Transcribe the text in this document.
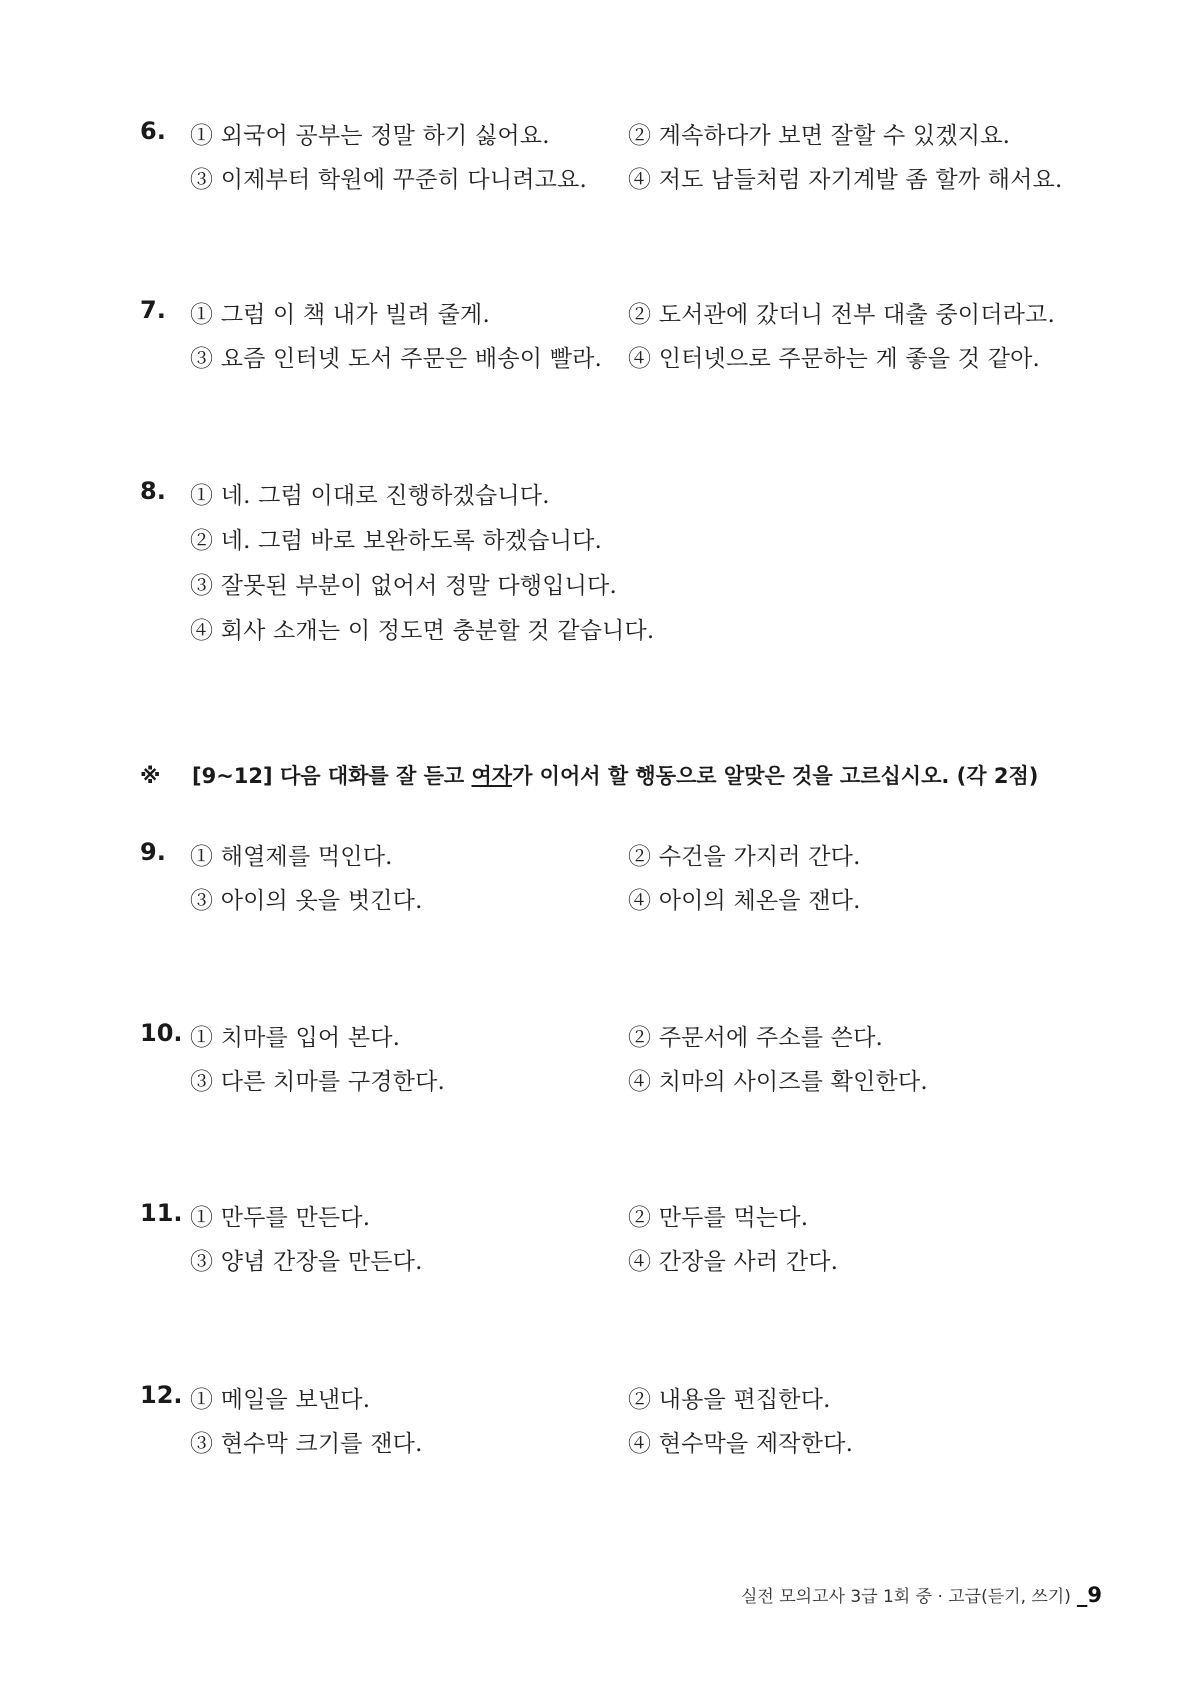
6. ① 외국어 공부는 정말 하기 싫어요.	② 계속하다가 보면 잘할 수 있겠지요.
③ 이제부터 학원에 꾸준히 다니려고요. ④ 저도 남들처럼 자기계발 좀 할까 해서요.
7. ① 그럼 이 책 내가 빌려 줄게.	② 도서관에 갔더니 전부 대출 중이더라고.
③ 요즘 인터넷 도서 주문은 배송이 빨라. ④ 인터넷으로 주문하는 게 좋을 것 같아.
8. ① 네. 그럼 이대로 진행하겠습니다.
② 네. 그럼 바로 보완하도록 하겠습니다.
③ 잘못된 부분이 없어서 정말 다행입니다.
④ 회사 소개는 이 정도면 충분할 것 같습니다.
※ [9~12] 다음 대화를 잘 듣고 여자가 이어서 할 행동으로 알맞은 것을 고르십시오. (각 2점)
9. ① 해열제를 먹인다.	② 수건을 가지러 간다.
③ 아이의 옷을 벗긴다.	④ 아이의 체온을 잰다.
10. ① 치마를 입어 본다.	② 주문서에 주소를 쓴다.
③ 다른 치마를 구경한다.	④ 치마의 사이즈를 확인한다.
11. ① 만두를 만든다.	② 만두를 먹는다.
③ 양념 간장을 만든다.	④ 간장을 사러 간다.
12. ① 메일을 보낸다.	② 내용을 편집한다.
③ 현수막 크기를 잰다.	④ 현수막을 제작한다.
실전 모의고사 3급 1회 중 · 고급(듣기, 쓰기) _9
